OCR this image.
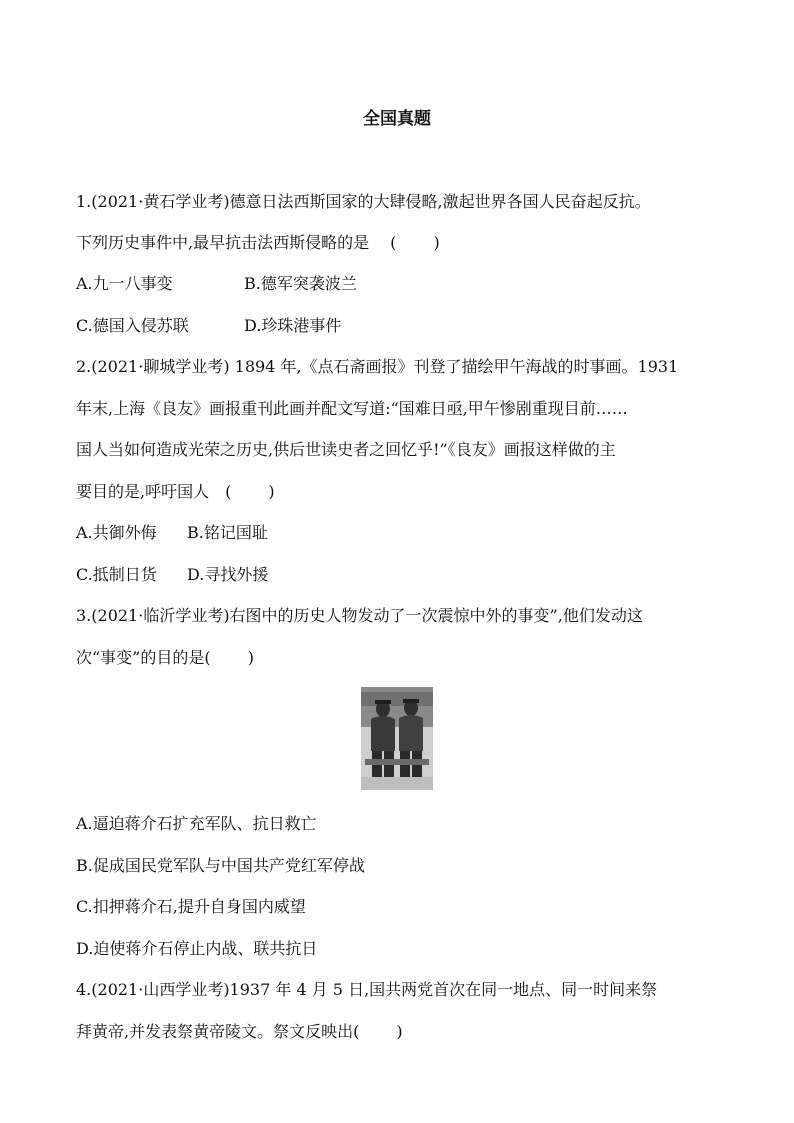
全国真题
1.(2021·黄石学业考)德意日法西斯国家的大肆侵略,激起世界各国人民奋起反抗。
下列历史事件中,最早抗击法西斯侵略的是　 (　　 )
A.九一八事变	B.德军突袭波兰
C.德国入侵苏联	D.珍珠港事件
2.(2021·聊城学业考) 1894 年,《点石斋画报》刊登了描绘甲午海战的时事画。1931
年末,上海《良友》画报重刊此画并配文写道:“国难日亟,甲午惨剧重现目前……
国人当如何造成光荣之历史,供后世读史者之回忆乎!”《良友》画报这样做的主
要目的是,呼吁国人　(　　 )
A.共御外侮 B.铭记国耻
C.抵制日货 D.寻找外援
3.(2021·临沂学业考)右图中的历史人物发动了一次震惊中外的事变”,他们发动这
次“事变”的目的是(　　 )
A.逼迫蒋介石扩充军队、抗日救亡
B.促成国民党军队与中国共产党红军停战
C.扣押蒋介石,提升自身国内威望
D.迫使蒋介石停止内战、联共抗日
4.(2021·山西学业考)1937 年 4 月 5 日,国共两党首次在同一地点、同一时间来祭
拜黄帝,并发表祭黄帝陵文。祭文反映出(　　 )
